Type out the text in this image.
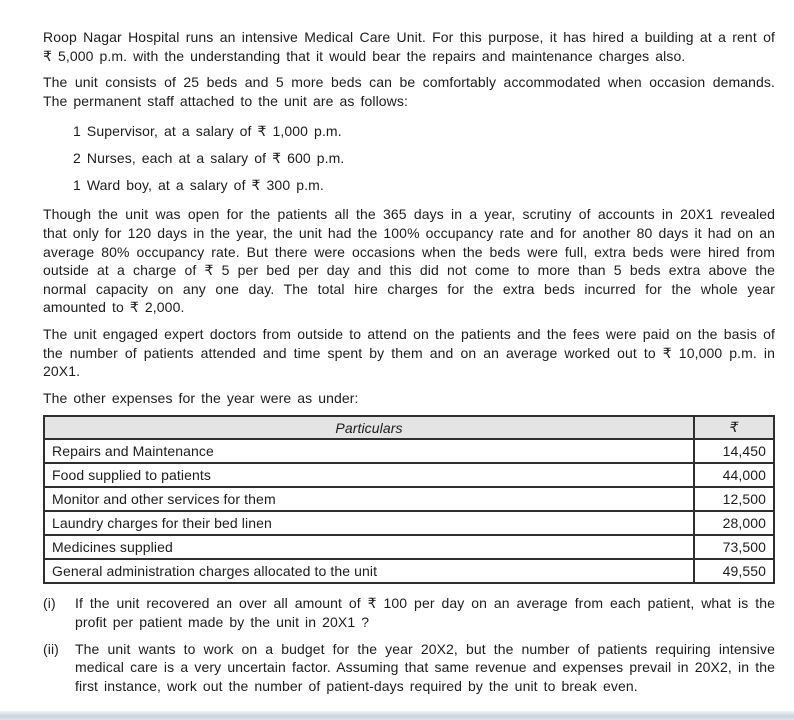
Roop Nagar Hospital runs an intensive Medical Care Unit. For this purpose, it has hired a building at a rent of ₹ 5,000 p.m. with the understanding that it would bear the repairs and maintenance charges also.

The unit consists of 25 beds and 5 more beds can be comfortably accommodated when occasion demands. The permanent staff attached to the unit are as follows:

1 Supervisor, at a salary of ₹ 1,000 p.m.
2 Nurses, each at a salary of ₹ 600 p.m.
1 Ward boy, at a salary of ₹ 300 p.m.

Though the unit was open for the patients all the 365 days in a year, scrutiny of accounts in 20X1 revealed that only for 120 days in the year, the unit had the 100% occupancy rate and for another 80 days it had on an average 80% occupancy rate. But there were occasions when the beds were full, extra beds were hired from outside at a charge of ₹ 5 per bed per day and this did not come to more than 5 beds extra above the normal capacity on any one day. The total hire charges for the extra beds incurred for the whole year amounted to ₹ 2,000.

The unit engaged expert doctors from outside to attend on the patients and the fees were paid on the basis of the number of patients attended and time spent by them and on an average worked out to ₹ 10,000 p.m. in 20X1.

The other expenses for the year were as under:

Particulars	₹
Repairs and Maintenance	14,450
Food supplied to patients	44,000
Monitor and other services for them	12,500
Laundry charges for their bed linen	28,000
Medicines supplied	73,500
General administration charges allocated to the unit	49,550
(i)	If the unit recovered an over all amount of ₹ 100 per day on an average from each patient, what is the profit per patient made by the unit in 20X1 ?
(ii)	The unit wants to work on a budget for the year 20X2, but the number of patients requiring intensive medical care is a very uncertain factor. Assuming that same revenue and expenses prevail in 20X2, in the first instance, work out the number of patient-days required by the unit to break even.
